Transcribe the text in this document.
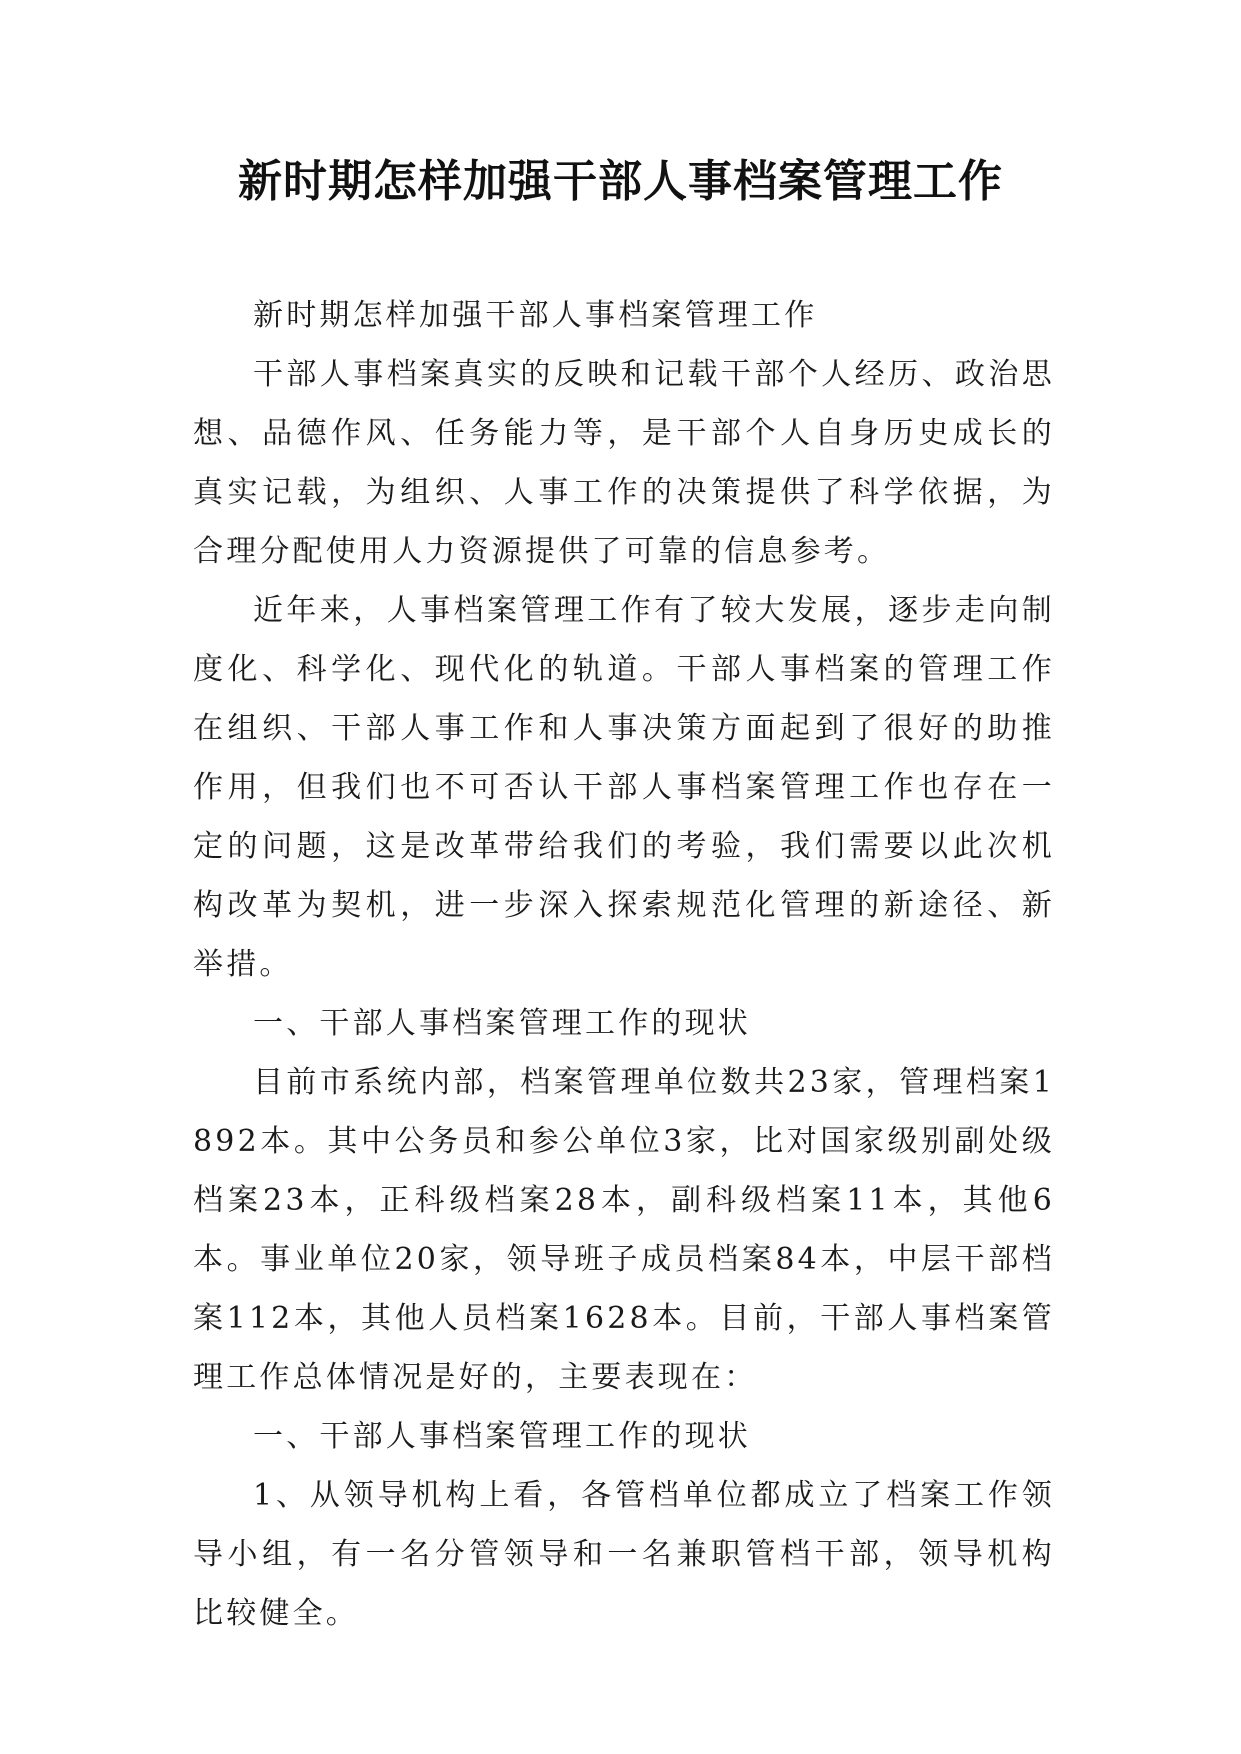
新时期怎样加强干部人事档案管理工作

新时期怎样加强干部人事档案管理工作

干部人事档案真实的反映和记载干部个人经历、政治思想、品德作风、任务能力等，是干部个人自身历史成长的真实记载，为组织、人事工作的决策提供了科学依据，为合理分配使用人力资源提供了可靠的信息参考。

近年来，人事档案管理工作有了较大发展，逐步走向制度化、科学化、现代化的轨道。干部人事档案的管理工作在组织、干部人事工作和人事决策方面起到了很好的助推作用，但我们也不可否认干部人事档案管理工作也存在一定的问题，这是改革带给我们的考验，我们需要以此次机构改革为契机，进一步深入探索规范化管理的新途径、新举措。

一、干部人事档案管理工作的现状

目前市系统内部，档案管理单位数共23家，管理档案1892本。其中公务员和参公单位3家，比对国家级别副处级档案23本，正科级档案28本，副科级档案11本，其他6本。事业单位20家，领导班子成员档案84本，中层干部档案112本，其他人员档案1628本。目前，干部人事档案管理工作总体情况是好的，主要表现在：

一、干部人事档案管理工作的现状

1、从领导机构上看，各管档单位都成立了档案工作领导小组，有一名分管领导和一名兼职管档干部，领导机构比较健全。
